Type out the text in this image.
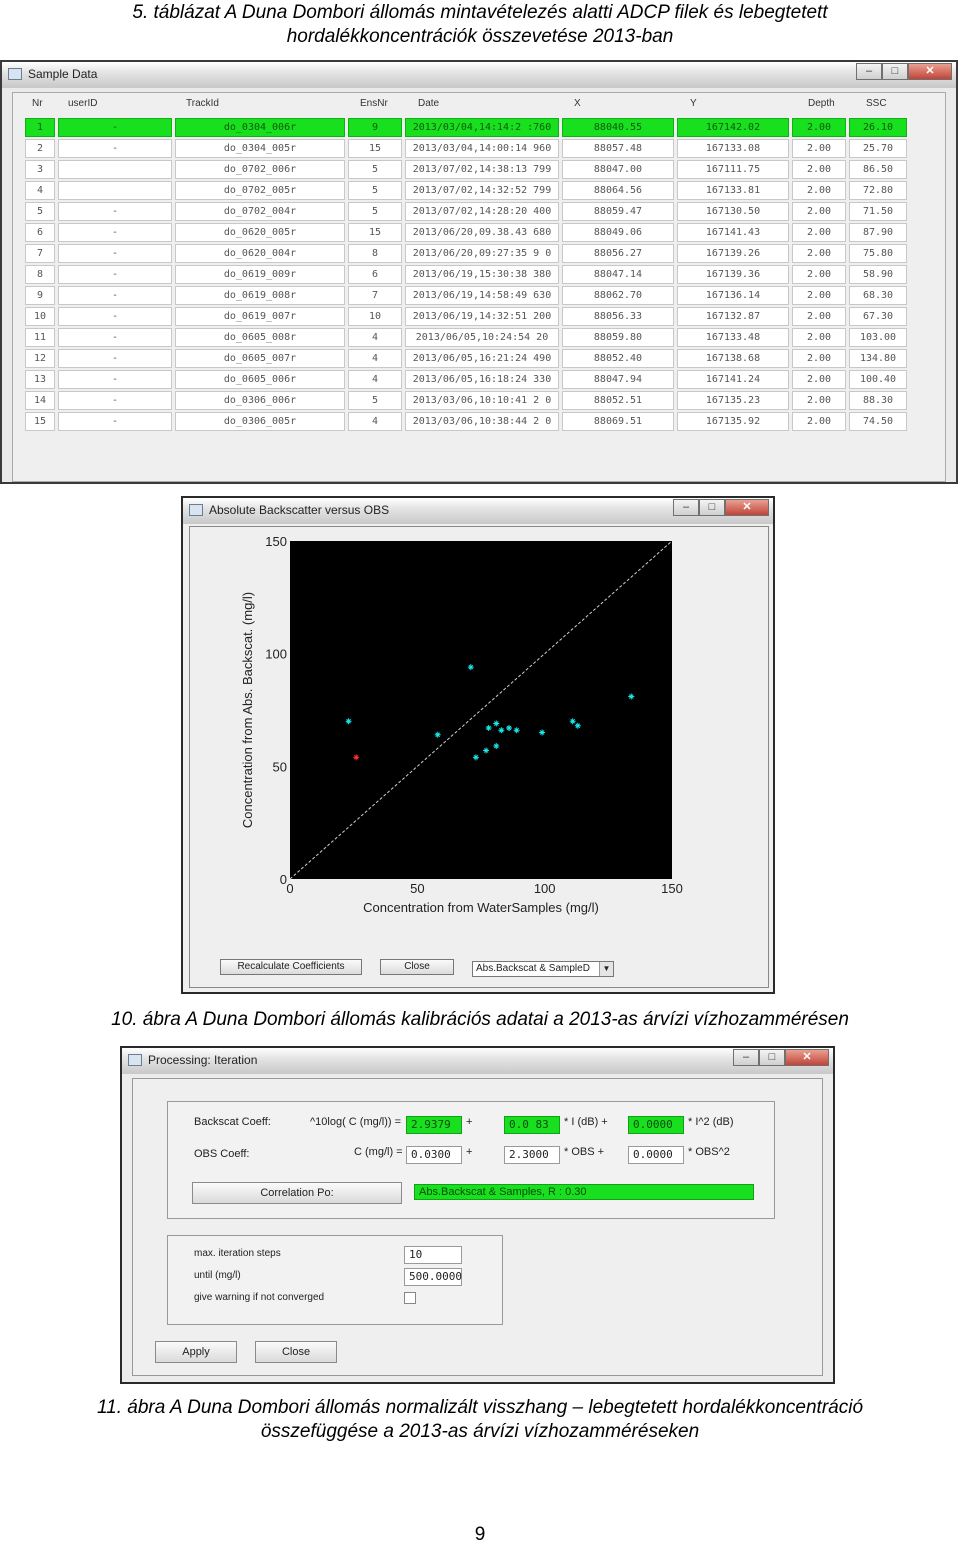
5. táblázat A Duna Dombori állomás mintavételezés alatti ADCP filek és lebegtetett
hordalékkoncentrációk összevetése 2013-ban
Sample Data	–	□	✕
Nr	userID	TrackId	EnsNr	Date	X	Y	Depth	SSC
1	-	do_0304_006r	9	2013/03/04,14:14:2 :760	88040.55	167142.02	2.00	26.10
2	-	do_0304_005r	15	2013/03/04,14:00:14 960	88057.48	167133.08	2.00	25.70
3		do_0702_006r	5	2013/07/02,14:38:13 799	88047.00	167111.75	2.00	86.50
4		do_0702_005r	5	2013/07/02,14:32:52 799	88064.56	167133.81	2.00	72.80
5	-	do_0702_004r	5	2013/07/02,14:28:20 400	88059.47	167130.50	2.00	71.50
6	-	do_0620_005r	15	2013/06/20,09.38.43 680	88049.06	167141.43	2.00	87.90
7	-	do_0620_004r	8	2013/06/20,09:27:35 9 0	88056.27	167139.26	2.00	75.80
8	-	do_0619_009r	6	2013/06/19,15:30:38 380	88047.14	167139.36	2.00	58.90
9	-	do_0619_008r	7	2013/06/19,14:58:49 630	88062.70	167136.14	2.00	68.30
10	-	do_0619_007r	10	2013/06/19,14:32:51 200	88056.33	167132.87	2.00	67.30
11	-	do_0605_008r	4	2013/06/05,10:24:54 20	88059.80	167133.48	2.00	103.00
12	-	do_0605_007r	4	2013/06/05,16:21:24 490	88052.40	167138.68	2.00	134.80
13	-	do_0605_006r	4	2013/06/05,16:18:24 330	88047.94	167141.24	2.00	100.40
14	-	do_0306_006r	5	2013/03/06,10:10:41 2 0	88052.51	167135.23	2.00	88.30
15	-	do_0306_005r	4	2013/03/06,10:38:44 2 0	88069.51	167135.92	2.00	74.50
Absolute Backscatter versus OBS	–	□	✕
0	50	100	150
0
50
100
150
Concentration from WaterSamples (mg/l)
Concentration from Abs. Backscat. (mg/l)
Recalculate Coefficients	Close	Abs.Backscat & SampleD	▼
10. ábra A Duna Dombori állomás kalibrációs adatai a 2013-as árvízi vízhozammérésen
Processing: Iteration	–	□	✕
Backscat Coeff:	^10log( C (mg/l)) = 2.9379	+	0.0 83	* I (dB) +	0.0000	* I^2 (dB)
OBS Coeff:	C (mg/l) = 0.0300	+	2.3000	* OBS +	0.0000	* OBS^2
Correlation Po:	Abs.Backscat & Samples, R : 0.30
max. iteration steps	10
until (mg/l)	500.0000
give warning if not converged
Apply	Close
11. ábra A Duna Dombori állomás normalizált visszhang – lebegtetett hordalékkoncentráció
összefüggése a 2013-as árvízi vízhozamméréseken
9
